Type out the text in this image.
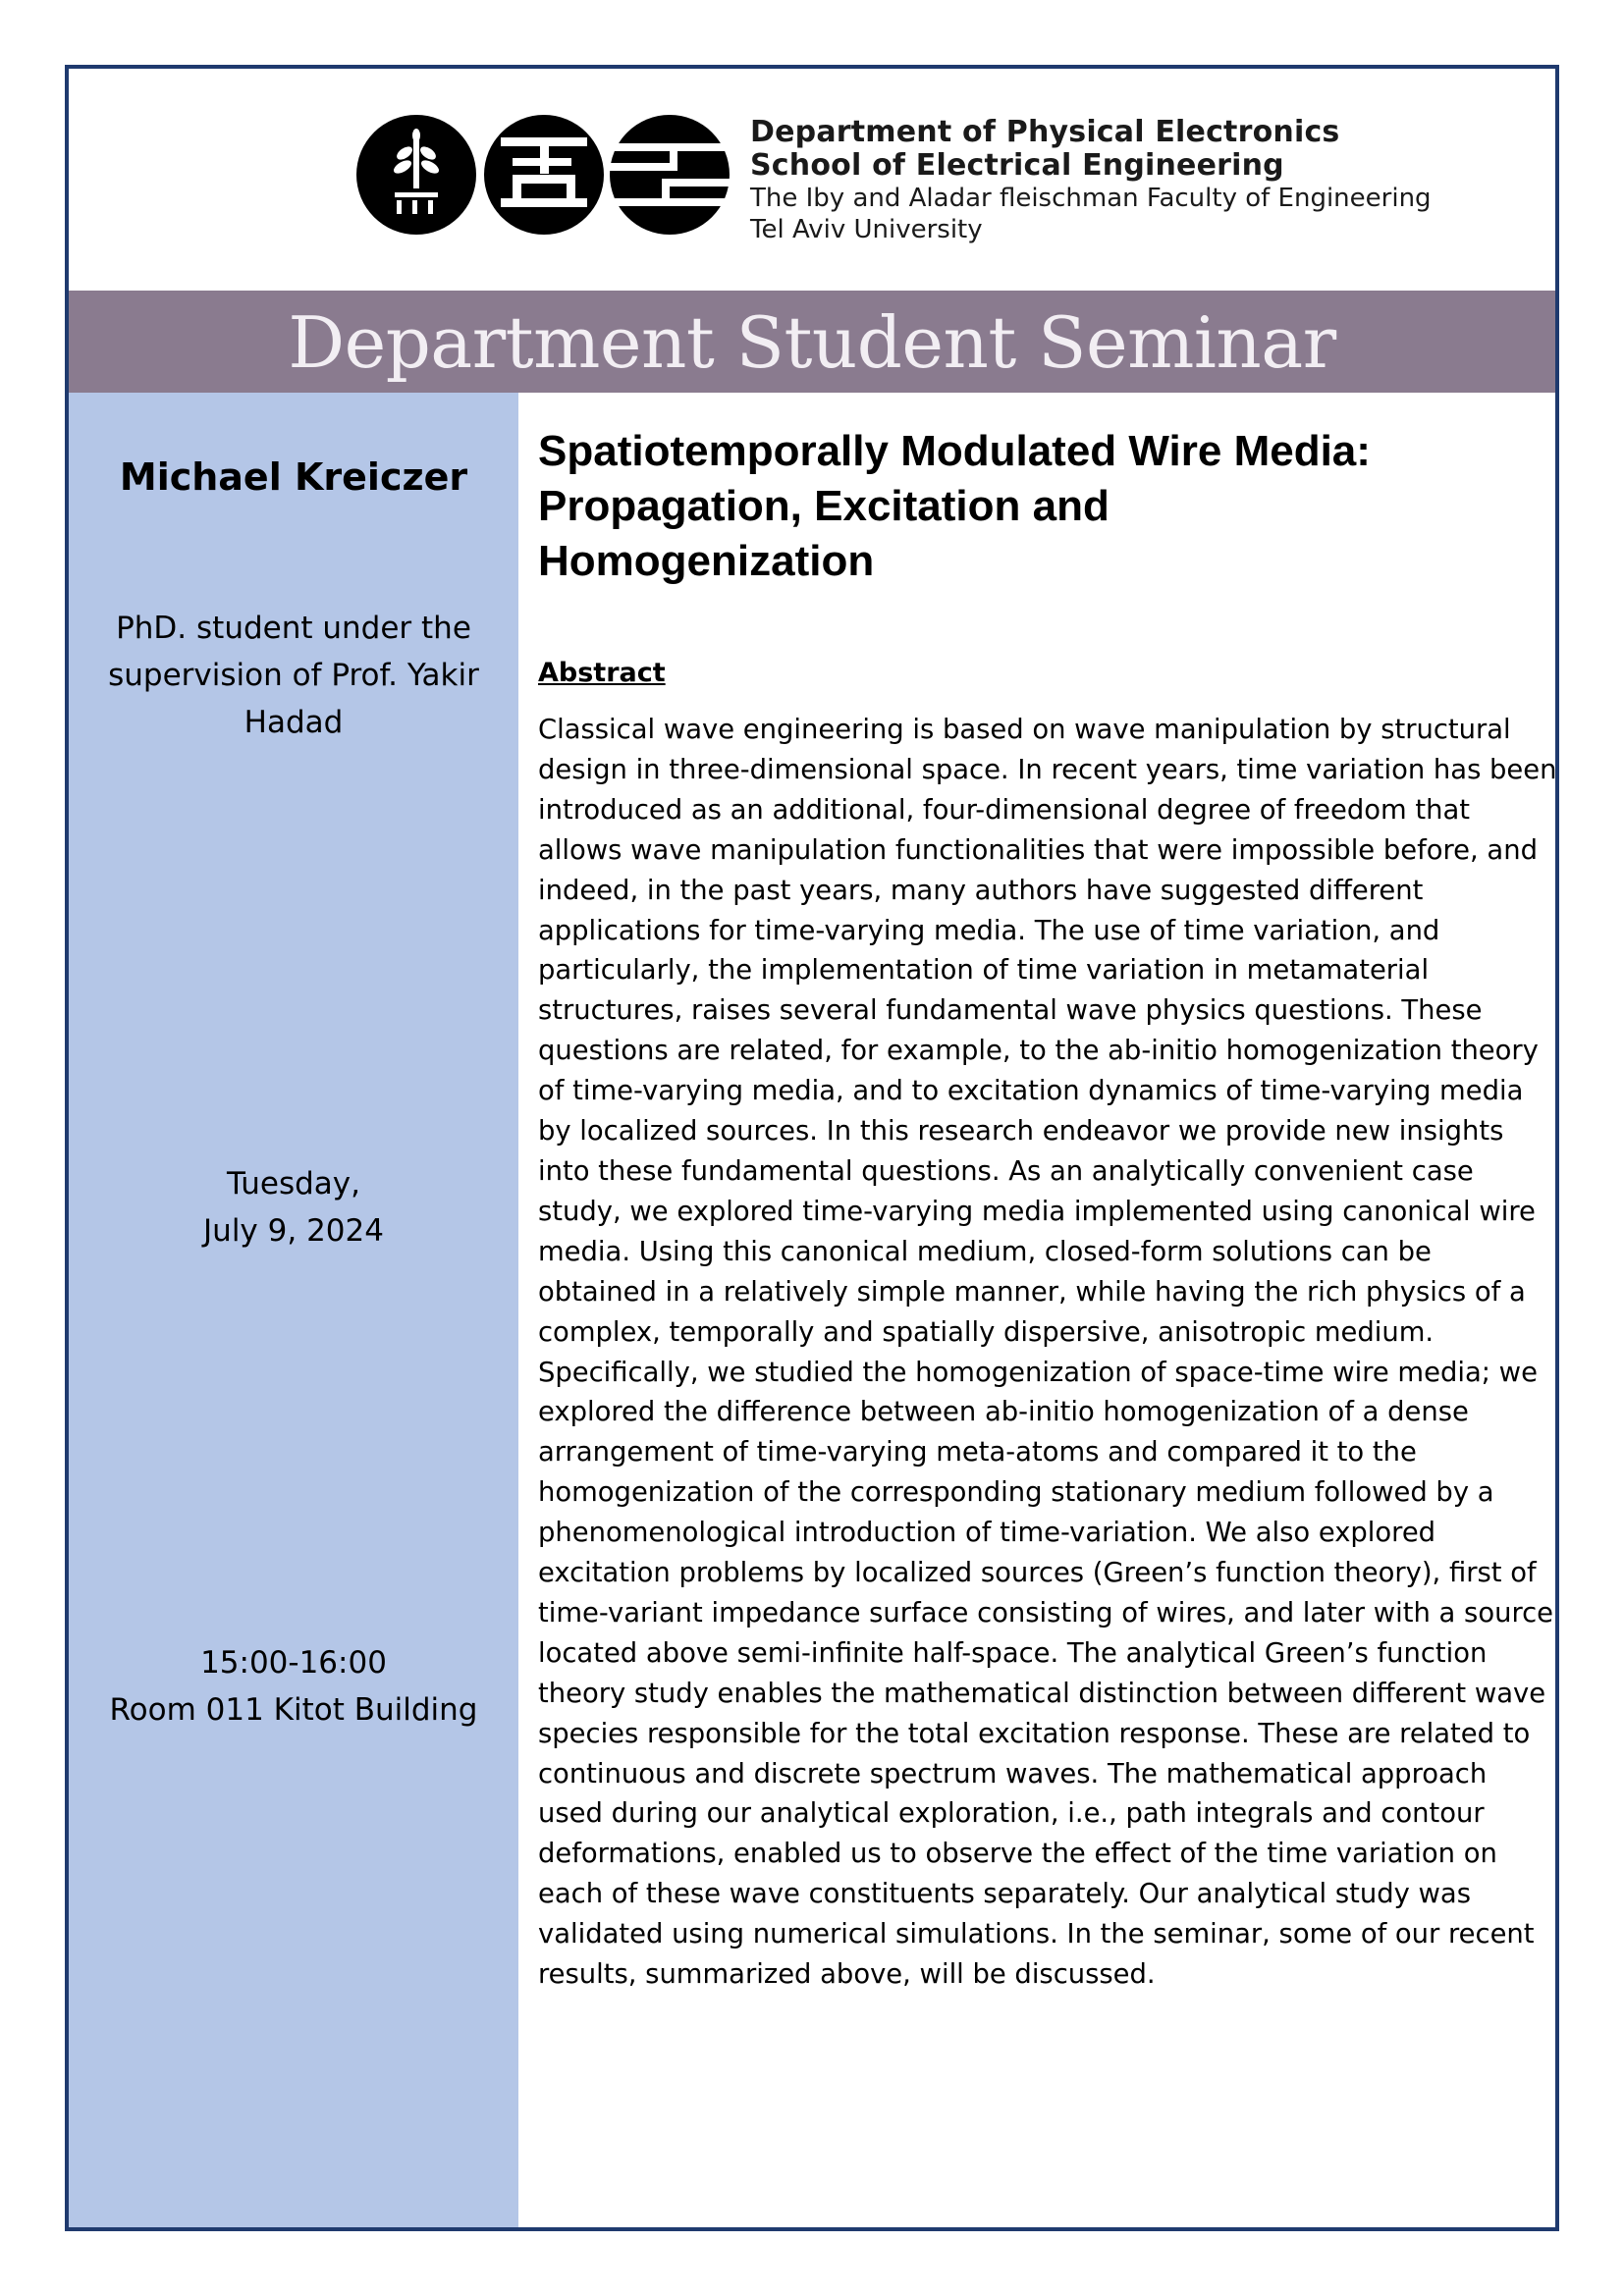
Department of Physical Electronics
School of Electrical Engineering
The Iby and Aladar fleischman Faculty of Engineering
Tel Aviv University
Department Student Seminar
Michael Kreiczer
PhD. student under the
supervision of Prof. Yakir
Hadad
Tuesday,
July 9, 2024
15:00-16:00
Room 011 Kitot Building
Spatiotemporally Modulated Wire Media:
Propagation, Excitation and
Homogenization
Abstract
Classical wave engineering is based on wave manipulation by structural
design in three-dimensional space. In recent years, time variation has been
introduced as an additional, four-dimensional degree of freedom that
allows wave manipulation functionalities that were impossible before, and
indeed, in the past years, many authors have suggested different
applications for time-varying media. The use of time variation, and
particularly, the implementation of time variation in metamaterial
structures, raises several fundamental wave physics questions. These
questions are related, for example, to the ab-initio homogenization theory
of time-varying media, and to excitation dynamics of time-varying media
by localized sources. In this research endeavor we provide new insights
into these fundamental questions. As an analytically convenient case
study, we explored time-varying media implemented using canonical wire
media. Using this canonical medium, closed-form solutions can be
obtained in a relatively simple manner, while having the rich physics of a
complex, temporally and spatially dispersive, anisotropic medium.
Specifically, we studied the homogenization of space-time wire media; we
explored the difference between ab-initio homogenization of a dense
arrangement of time-varying meta-atoms and compared it to the
homogenization of the corresponding stationary medium followed by a
phenomenological introduction of time-variation. We also explored
excitation problems by localized sources (Green’s function theory), first of
time-variant impedance surface consisting of wires, and later with a source
located above semi-infinite half-space. The analytical Green’s function
theory study enables the mathematical distinction between different wave
species responsible for the total excitation response. These are related to
continuous and discrete spectrum waves. The mathematical approach
used during our analytical exploration, i.e., path integrals and contour
deformations, enabled us to observe the effect of the time variation on
each of these wave constituents separately. Our analytical study was
validated using numerical simulations. In the seminar, some of our recent
results, summarized above, will be discussed.
